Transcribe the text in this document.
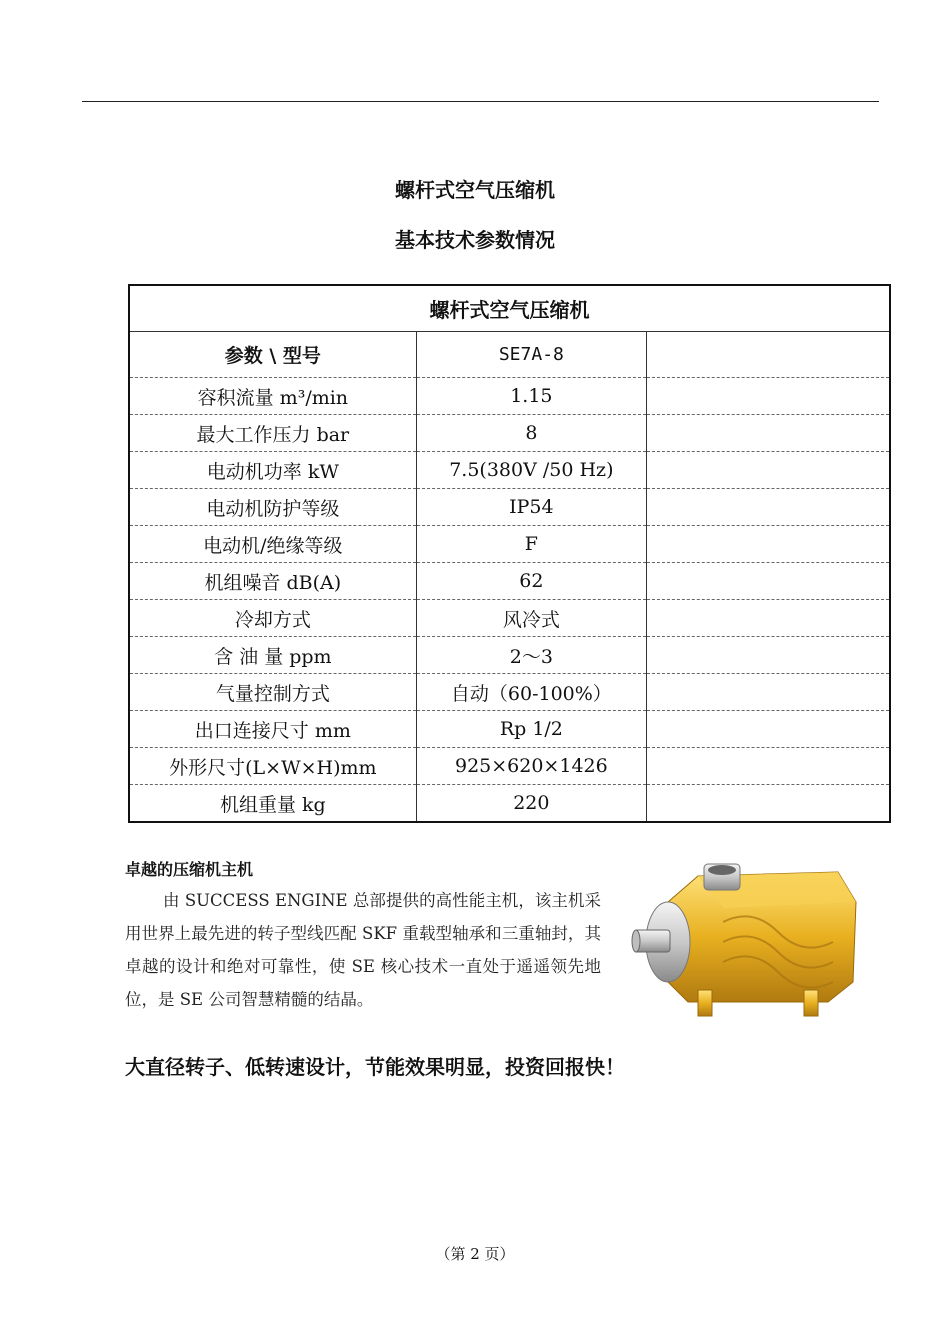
螺杆式空气压缩机
基本技术参数情况
螺杆式空气压缩机		
参数 \ 型号	SE7A-8	
容积流量 m³/min	1.15	
最大工作压力 bar	8	
电动机功率 kW	7.5(380V /50 Hz)	
电动机防护等级	IP54	
电动机/绝缘等级	F	
机组噪音 dB(A)	62	
冷却方式	风冷式	
含 油 量 ppm	2～3	
气量控制方式	自动（60-100%）	
出口连接尺寸 mm	Rp 1/2	
外形尺寸(L×W×H)mm	925×620×1426	
机组重量 kg	220	
卓越的压缩机主机
由 SUCCESS ENGINE 总部提供的高性能主机，该主机采用世界上最先进的转子型线匹配 SKF 重载型轴承和三重轴封，其卓越的设计和绝对可靠性，使 SE 核心技术一直处于遥遥领先地位，是 SE 公司智慧精髓的结晶。
大直径转子、低转速设计，节能效果明显，投资回报快！
（第 2 页）
